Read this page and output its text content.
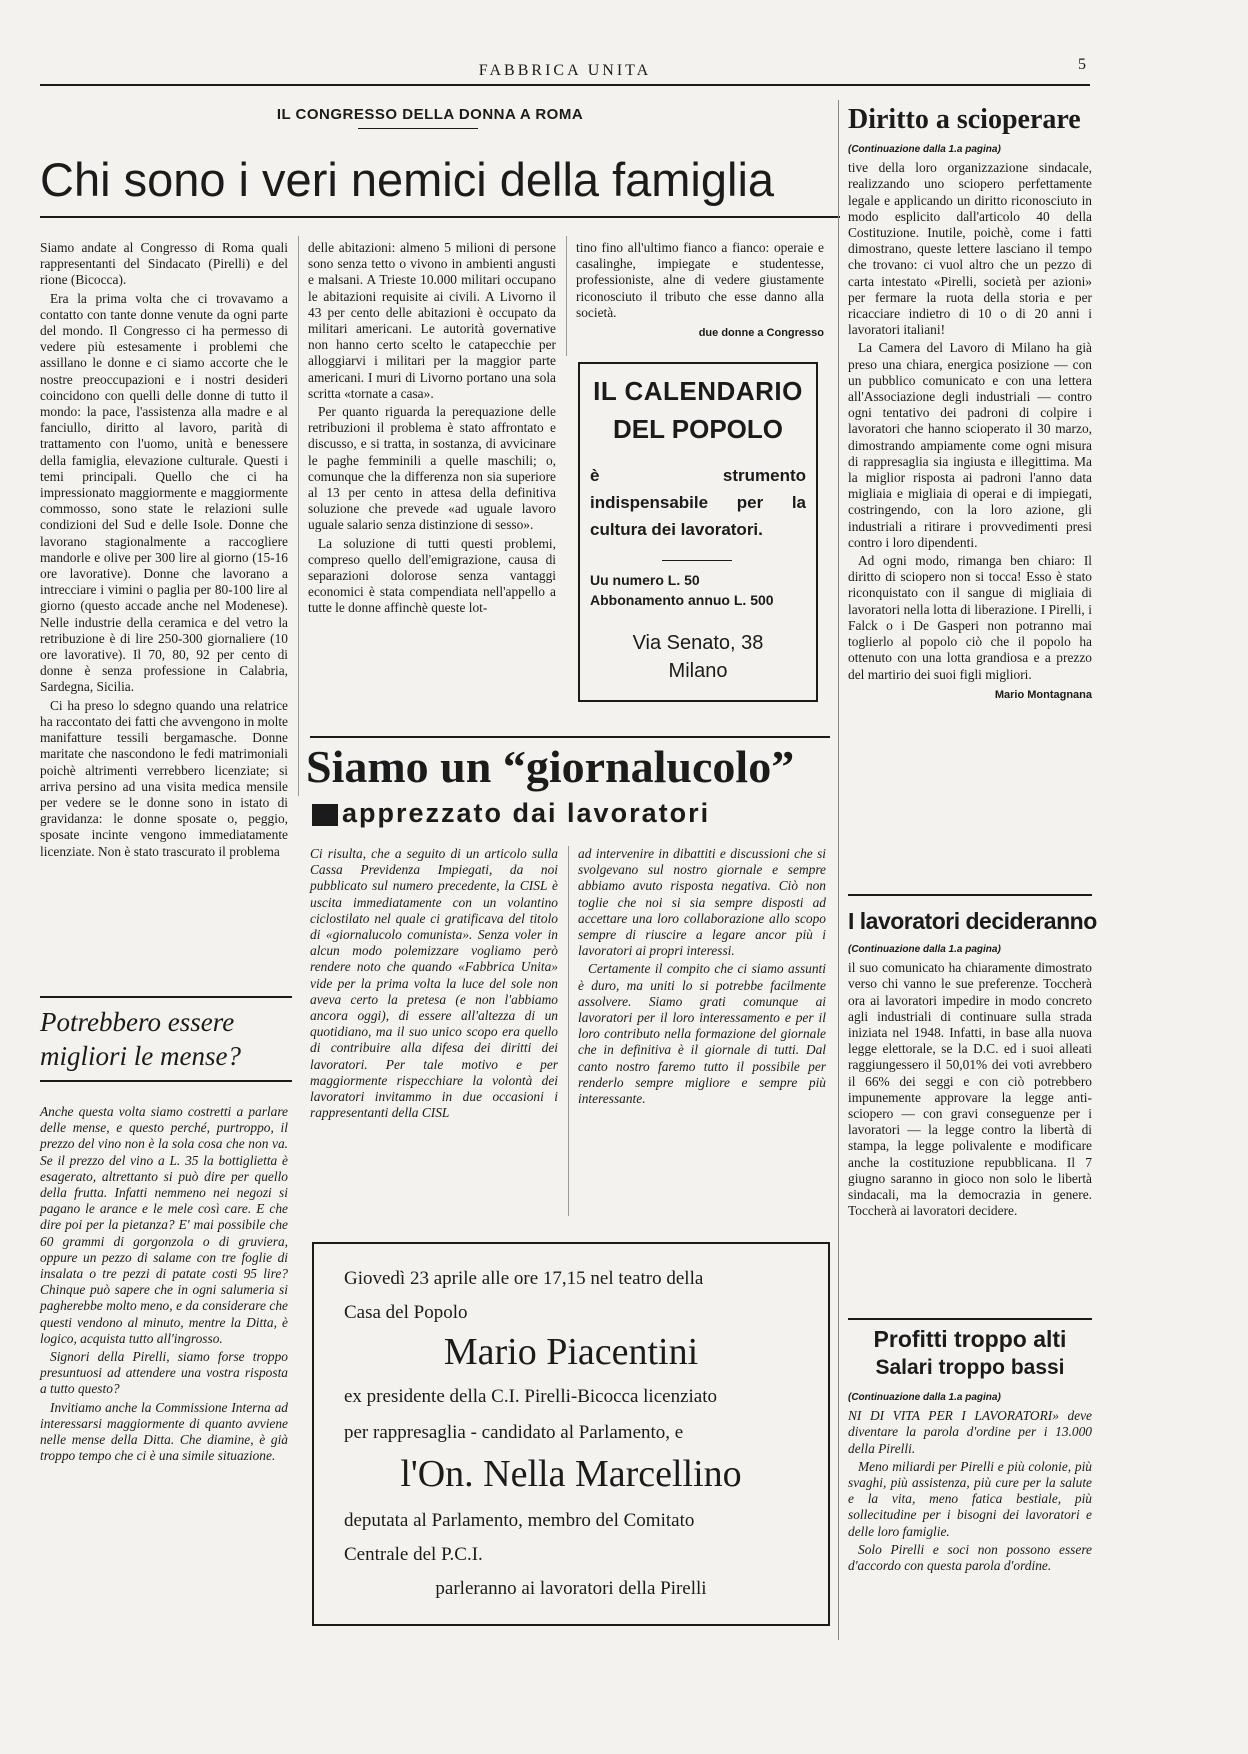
FABBRICA UNITA	5
IL CONGRESSO DELLA DONNA A ROMA
Chi sono i veri nemici della famiglia

Siamo andate al Congresso di Roma quali rappresentanti del Sindacato (Pirelli) e del rione (Bicocca).

Era la prima volta che ci trovavamo a contatto con tante donne venute da ogni parte del mondo. Il Congresso ci ha permesso di vedere più estesamente i problemi che assillano le donne e ci siamo accorte che le nostre preoccupazioni e i nostri desideri coincidono con quelli delle donne di tutto il mondo: la pace, l'assistenza alla madre e al fanciullo, diritto al lavoro, parità di trattamento con l'uomo, unità e benessere della famiglia, elevazione culturale. Questi i temi principali. Quello che ci ha impressionato maggiormente e maggiormente commosso, sono state le relazioni sulle condizioni del Sud e delle Isole. Donne che lavorano stagionalmente a raccogliere mandorle e olive per 300 lire al giorno (15-16 ore lavorative). Donne che lavorano a intrecciare i vimini o paglia per 80-100 lire al giorno (questo accade anche nel Modenese). Nelle industrie della ceramica e del vetro la retribuzione è di lire 250-300 giornaliere (10 ore lavorative). Il 70, 80, 92 per cento di donne è senza professione in Calabria, Sardegna, Sicilia.

Ci ha preso lo sdegno quando una relatrice ha raccontato dei fatti che avvengono in molte manifatture tessili bergamasche. Donne maritate che nascondono le fedi matrimoniali poichè altrimenti verrebbero licenziate; si arriva persino ad una visita medica mensile per vedere se le donne sono in istato di gravidanza: le donne sposate o, peggio, sposate incinte vengono immediatamente licenziate. Non è stato trascurato il problema

delle abitazioni: almeno 5 milioni di persone sono senza tetto o vivono in ambienti angusti e malsani. A Trieste 10.000 militari occupano le abitazioni requisite ai civili. A Livorno il 43 per cento delle abitazioni è occupato da militari americani. Le autorità governative non hanno certo scelto le catapecchie per alloggiarvi i militari per la maggior parte americani. I muri di Livorno portano una sola scritta «tornate a casa».

Per quanto riguarda la perequazione delle retribuzioni il problema è stato affrontato e discusso, e si tratta, in sostanza, di avvicinare le paghe femminili a quelle maschili; o, comunque che la differenza non sia superiore al 13 per cento in attesa della definitiva soluzione che prevede «ad uguale lavoro uguale salario senza distinzione di sesso».

La soluzione di tutti questi problemi, compreso quello dell'emigrazione, causa di separazioni dolorose senza vantaggi economici è stata compendiata nell'appello a tutte le donne affinchè queste lot-

tino fino all'ultimo fianco a fianco: operaie e casalinghe, impiegate e studentesse, professioniste, alne di vedere giustamente riconosciuto il tributo che esse danno alla società.

due donne a Congresso
IL CALENDARIO
DEL POPOLO
è strumento indispensabile per la cultura dei lavoratori.
Uu numero L. 50
Abbonamento annuo L. 500
Via Senato, 38
Milano
Potrebbero essere
migliori le mense?

Anche questa volta siamo costretti a parlare delle mense, e questo perché, purtroppo, il prezzo del vino non è la sola cosa che non va. Se il prezzo del vino a L. 35 la bottiglietta è esagerato, altrettanto si può dire per quello della frutta. Infatti nemmeno nei negozi si pagano le arance e le mele così care. E che dire poi per la pietanza? E' mai possibile che 60 grammi di gorgonzola o di gruviera, oppure un pezzo di salame con tre foglie di insalata o tre pezzi di patate costi 95 lire? Chinque può sapere che in ogni salumeria si pagherebbe molto meno, e da considerare che questi vendono al minuto, mentre la Ditta, è logico, acquista tutto all'ingrosso.

Signori della Pirelli, siamo forse troppo presuntuosi ad attendere una vostra risposta a tutto questo?

Invitiamo anche la Commissione Interna ad interessarsi maggiormente di quanto avviene nelle mense della Ditta. Che diamine, è già troppo tempo che ci è una simile situazione.

Siamo un “giornalucolo”
apprezzato dai lavoratori

Ci risulta, che a seguito di un articolo sulla Cassa Previdenza Impiegati, da noi pubblicato sul numero precedente, la CISL è uscita immediatamente con un volantino ciclostilato nel quale ci gratificava del titolo di «giornalucolo comunista». Senza voler in alcun modo polemizzare vogliamo però rendere noto che quando «Fabbrica Unita» vide per la prima volta la luce del sole non aveva certo la pretesa (e non l'abbiamo ancora oggi), di essere all'altezza di un quotidiano, ma il suo unico scopo era quello di contribuire alla difesa dei diritti dei lavoratori. Per tale motivo e per maggiormente rispecchiare la volontà dei lavoratori invitammo in due occasioni i rappresentanti della CISL

ad intervenire in dibattiti e discussioni che si svolgevano sul nostro giornale e sempre abbiamo avuto risposta negativa. Ciò non toglie che noi si sia sempre disposti ad accettare una loro collaborazione allo scopo sempre di riuscire a legare ancor più i lavoratori ai propri interessi.

Certamente il compito che ci siamo assunti è duro, ma uniti lo si potrebbe facilmente assolvere. Siamo grati comunque ai lavoratori per il loro interessamento e per il loro contributo nella formazione del giornale che in definitiva è il giornale di tutti. Dal canto nostro faremo tutto il possibile per renderlo sempre migliore e sempre più interessante.

Giovedì 23 aprile alle ore 17,15 nel teatro della
Casa del Popolo
Mario Piacentini
ex presidente della C.I. Pirelli-Bicocca licenziato
per rappresaglia - candidato al Parlamento, e
l'On. Nella Marcellino
deputata al Parlamento, membro del Comitato
Centrale del P.C.I.
parleranno ai lavoratori della Pirelli
Diritto a scioperare
(Continuazione dalla 1.a pagina)

tive della loro organizzazione sindacale, realizzando uno sciopero perfettamente legale e applicando un diritto riconosciuto in modo esplicito dall'articolo 40 della Costituzione. Inutile, poichè, come i fatti dimostrano, queste lettere lasciano il tempo che trovano: ci vuol altro che un pezzo di carta intestato «Pirelli, società per azioni» per fermare la ruota della storia e per ricacciare indietro di 10 o di 20 anni i lavoratori italiani!

La Camera del Lavoro di Milano ha già preso una chiara, energica posizione — con un pubblico comunicato e con una lettera all'Associazione degli industriali — contro ogni tentativo dei padroni di colpire i lavoratori che hanno scioperato il 30 marzo, dimostrando ampiamente come ogni misura di rappresaglia sia ingiusta e illegittima. Ma la miglior risposta ai padroni l'anno data migliaia e migliaia di operai e di impiegati, costringendo, con la loro azione, gli industriali a ritirare i provvedimenti presi contro i loro dipendenti.

Ad ogni modo, rimanga ben chiaro: Il diritto di sciopero non si tocca! Esso è stato riconquistato con il sangue di migliaia di lavoratori nella lotta di liberazione. I Pirelli, i Falck o i De Gasperi non potranno mai toglierlo al popolo ciò che il popolo ha ottenuto con una lotta grandiosa e a prezzo del martirio dei suoi figli migliori.

Mario Montagnana
I lavoratori decideranno
(Continuazione dalla 1.a pagina)

il suo comunicato ha chiaramente dimostrato verso chi vanno le sue preferenze. Toccherà ora ai lavoratori impedire in modo concreto agli industriali di continuare sulla strada iniziata nel 1948. Infatti, in base alla nuova legge elettorale, se la D.C. ed i suoi alleati raggiungessero il 50,01% dei voti avrebbero il 66% dei seggi e con ciò potrebbero impunemente approvare la legge anti-sciopero — con gravi conseguenze per i lavoratori — la legge contro la libertà di stampa, la legge polivalente e modificare anche la costituzione repubblicana. Il 7 giugno saranno in gioco non solo le libertà sindacali, ma la democrazia in genere. Toccherà ai lavoratori decidere.

Profitti troppo alti
Salari troppo bassi
(Continuazione dalla 1.a pagina)

NI DI VITA PER I LAVORATORI» deve diventare la parola d'ordine per i 13.000 della Pirelli.

Meno miliardi per Pirelli e più colonie, più svaghi, più assistenza, più cure per la salute e la vita, meno fatica bestiale, più sollecitudine per i bisogni dei lavoratori e delle loro famiglie.

Solo Pirelli e soci non possono essere d'accordo con questa parola d'ordine.
